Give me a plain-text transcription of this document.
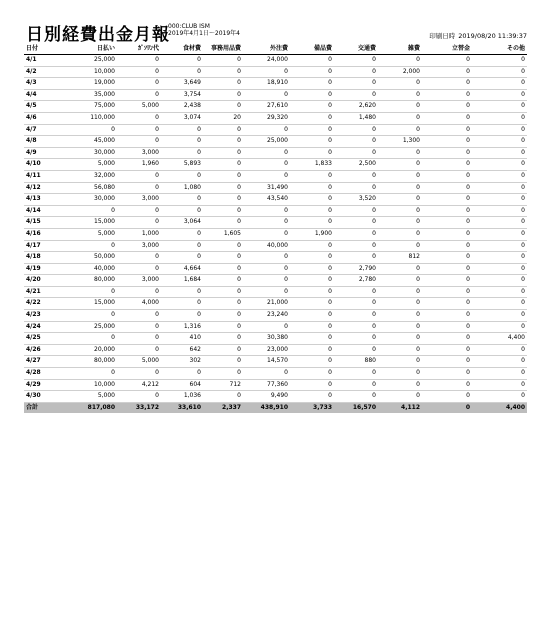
日別経費出金月報
000:CLUB ISM
2019年4月1日～2019年4	印刷日時 2019/08/20 11:39:37
日付	日払い	ｶﾞｿﾘﾝ代	食材費	事務用品費	外注費	備品費	交通費	雑費	立替金	その他
4/1	25,000	0	0	0	24,000	0	0	0	0	0
4/2	10,000	0	0	0	0	0	0	2,000	0	0
4/3	19,000	0	3,649	0	18,910	0	0	0	0	0
4/4	35,000	0	3,754	0	0	0	0	0	0	0
4/5	75,000	5,000	2,438	0	27,610	0	2,620	0	0	0
4/6	110,000	0	3,074	20	29,320	0	1,480	0	0	0
4/7	0	0	0	0	0	0	0	0	0	0
4/8	45,000	0	0	0	25,000	0	0	1,300	0	0
4/9	30,000	3,000	0	0	0	0	0	0	0	0
4/10	5,000	1,960	5,893	0	0	1,833	2,500	0	0	0
4/11	32,000	0	0	0	0	0	0	0	0	0
4/12	56,080	0	1,080	0	31,490	0	0	0	0	0
4/13	30,000	3,000	0	0	43,540	0	3,520	0	0	0
4/14	0	0	0	0	0	0	0	0	0	0
4/15	15,000	0	3,064	0	0	0	0	0	0	0
4/16	5,000	1,000	0	1,605	0	1,900	0	0	0	0
4/17	0	3,000	0	0	40,000	0	0	0	0	0
4/18	50,000	0	0	0	0	0	0	812	0	0
4/19	40,000	0	4,664	0	0	0	2,790	0	0	0
4/20	80,000	3,000	1,684	0	0	0	2,780	0	0	0
4/21	0	0	0	0	0	0	0	0	0	0
4/22	15,000	4,000	0	0	21,000	0	0	0	0	0
4/23	0	0	0	0	23,240	0	0	0	0	0
4/24	25,000	0	1,316	0	0	0	0	0	0	0
4/25	0	0	410	0	30,380	0	0	0	0	4,400
4/26	20,000	0	642	0	23,000	0	0	0	0	0
4/27	80,000	5,000	302	0	14,570	0	880	0	0	0
4/28	0	0	0	0	0	0	0	0	0	0
4/29	10,000	4,212	604	712	77,360	0	0	0	0	0
4/30	5,000	0	1,036	0	9,490	0	0	0	0	0
合計	817,080	33,172	33,610	2,337	438,910	3,733	16,570	4,112	0	4,400
